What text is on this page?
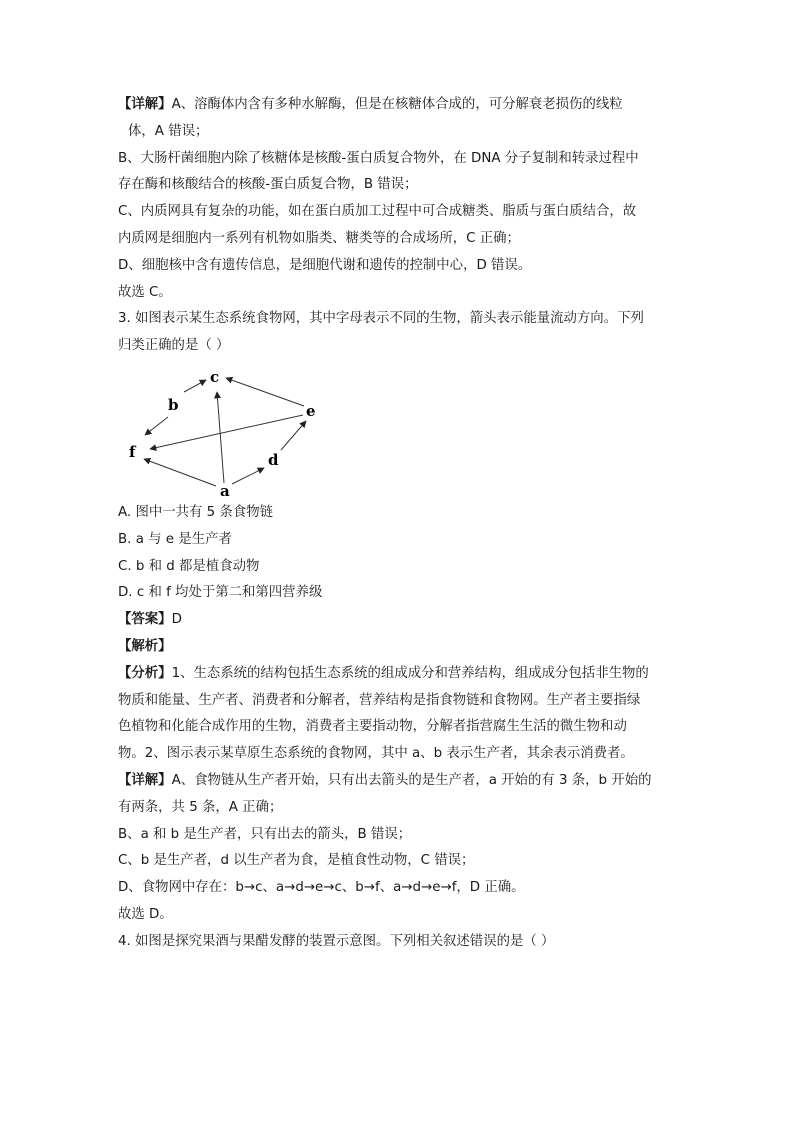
【详解】A、溶酶体内含有多种水解酶，但是在核糖体合成的，可分解衰老损伤的线粒
体，A 错误；
B、大肠杆菌细胞内除了核糖体是核酸-蛋白质复合物外，在 DNA 分子复制和转录过程中
存在酶和核酸结合的核酸-蛋白质复合物，B 错误；
C、内质网具有复杂的功能，如在蛋白质加工过程中可合成糖类、脂质与蛋白质结合，故
内质网是细胞内一系列有机物如脂类、糖类等的合成场所，C 正确；
D、细胞核中含有遗传信息，是细胞代谢和遗传的控制中心，D 错误。
故选 C。
3. 如图表示某生态系统食物网，其中字母表示不同的生物，箭头表示能量流动方向。下列
归类正确的是（ ）
c
b	e
f	d
a
A. 图中一共有 5 条食物链
B. a 与 e 是生产者
C. b 和 d 都是植食动物
D. c 和 f 均处于第二和第四营养级
【答案】D
【解析】
【分析】1、生态系统的结构包括生态系统的组成成分和营养结构，组成成分包括非生物的
物质和能量、生产者、消费者和分解者，营养结构是指食物链和食物网。生产者主要指绿
色植物和化能合成作用的生物，消费者主要指动物，分解者指营腐生生活的微生物和动
物。2、图示表示某草原生态系统的食物网，其中 a、b 表示生产者，其余表示消费者。
【详解】A、食物链从生产者开始，只有出去箭头的是生产者，a 开始的有 3 条，b 开始的
有两条，共 5 条，A 正确；
B、a 和 b 是生产者，只有出去的箭头，B 错误；
C、b 是生产者，d 以生产者为食，是植食性动物，C 错误；
D、食物网中存在：b→c、a→d→e→c、b→f、a→d→e→f，D 正确。
故选 D。
4. 如图是探究果酒与果醋发酵的装置示意图。下列相关叙述错误的是（ ）
